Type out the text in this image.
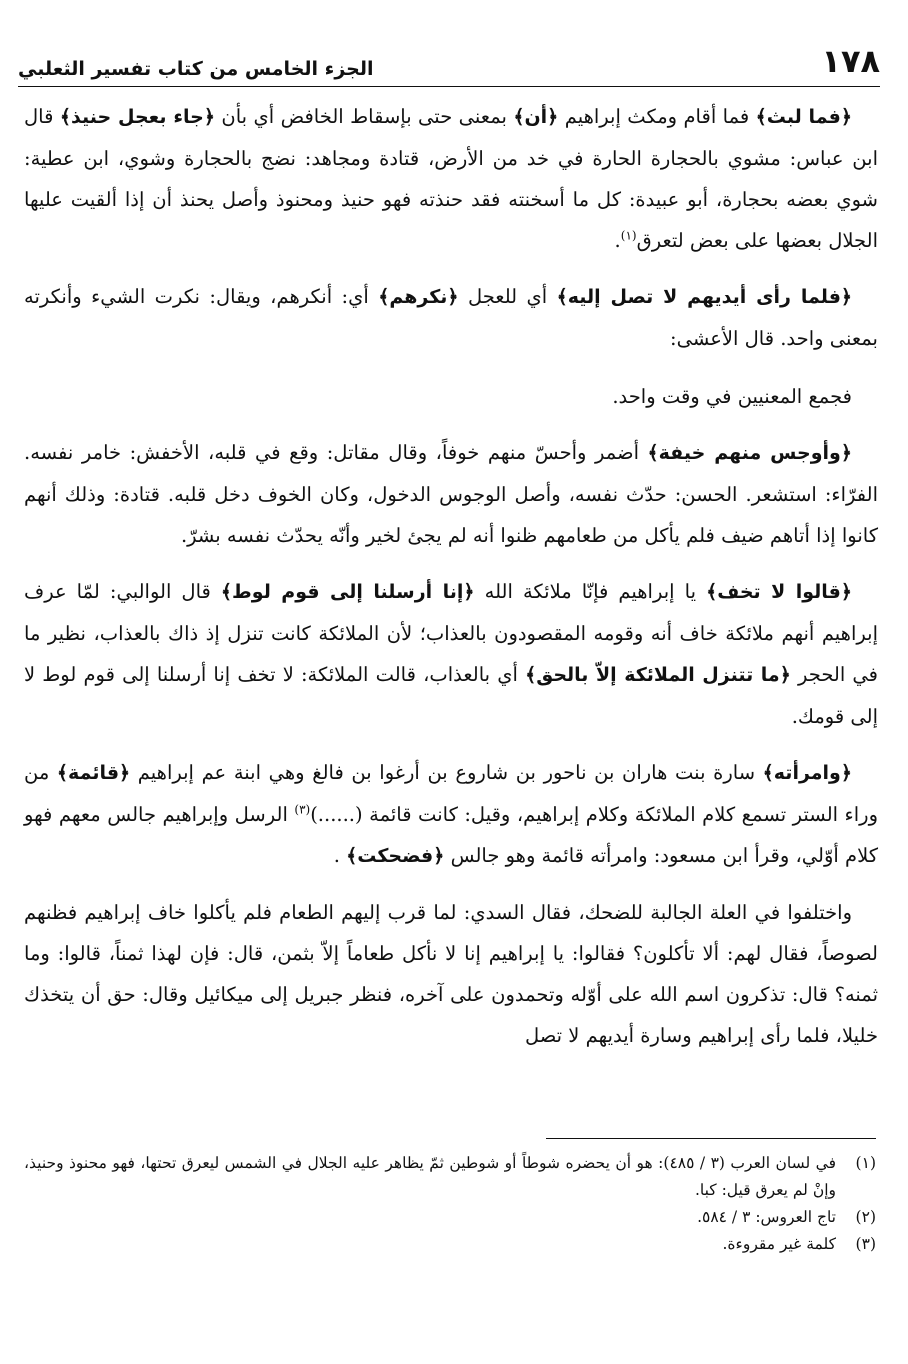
١٧٨
الجزء الخامس من كتاب تفسير الثعلبي

﴿فما لبث﴾ فما أقام ومكث إبراهيم ﴿أن﴾ بمعنى حتى بإسقاط الخافض أي بأن ﴿جاء بعجل حنيذ﴾ قال ابن عباس: مشوي بالحجارة الحارة في خد من الأرض، قتادة ومجاهد: نضج بالحجارة وشوي، ابن عطية: شوي بعضه بحجارة، أبو عبيدة: كل ما أسخنته فقد حنذته فهو حنيذ ومحنوذ وأصل يحنذ أن إذا ألقيت عليها الجلال بعضها على بعض لتعرق$^{(١)}$.

﴿فلما رأى أيديهم لا تصل إليه﴾ أي للعجل ﴿نكرهم﴾ أي: أنكرهم، ويقال: نكرت الشيء وأنكرته بمعنى واحد. قال الأعشى:

فجمع المعنيين في وقت واحد.

﴿وأوجس منهم خيفة﴾ أضمر وأحسّ منهم خوفاً، وقال مقاتل: وقع في قلبه، الأخفش: خامر نفسه. الفرّاء: استشعر. الحسن: حدّث نفسه، وأصل الوجوس الدخول، وكان الخوف دخل قلبه. قتادة: وذلك أنهم كانوا إذا أتاهم ضيف فلم يأكل من طعامهم ظنوا أنه لم يجئ لخير وأنّه يحدّث نفسه بشرّ.

﴿قالوا لا تخف﴾ يا إبراهيم فإنّا ملائكة الله ﴿إنا أرسلنا إلى قوم لوط﴾ قال الوالبي: لمّا عرف إبراهيم أنهم ملائكة خاف أنه وقومه المقصودون بالعذاب؛ لأن الملائكة كانت تنزل إذ ذاك بالعذاب، نظير ما في الحجر ﴿ما تتنزل الملائكة إلاّ بالحق﴾ أي بالعذاب، قالت الملائكة: لا تخف إنا أرسلنا إلى قوم لوط لا إلى قومك.

﴿وامرأته﴾ سارة بنت هاران بن ناحور بن شاروع بن أرغوا بن فالغ وهي ابنة عم إبراهيم ﴿قائمة﴾ من وراء الستر تسمع كلام الملائكة وكلام إبراهيم، وقيل: كانت قائمة (......)$^{(٣)}$ الرسل وإبراهيم جالس معهم فهو كلام أوّلي، وقرأ ابن مسعود: وامرأته قائمة وهو جالس ﴿فضحكت﴾ .

واختلفوا في العلة الجالبة للضحك، فقال السدي: لما قرب إليهم الطعام فلم يأكلوا خاف إبراهيم فظنهم لصوصاً، فقال لهم: ألا تأكلون؟ فقالوا: يا إبراهيم إنا لا نأكل طعاماً إلاّ بثمن، قال: فإن لهذا ثمناً، قالوا: وما ثمنه؟ قال: تذكرون اسم الله على أوّله وتحمدون على آخره، فنظر جبريل إلى ميكائيل وقال: حق أن يتخذك خليلا، فلما رأى إبراهيم وسارة أيديهم لا تصل

(١)
في لسان العرب (٣ / ٤٨٥): هو أن يحضره شوطاً أو شوطين ثمّ يظاهر عليه الجلال في الشمس ليعرق تحتها، فهو محنوذ وحنيذ، وإنْ لم يعرق قيل: كبا.
(٢)
تاج العروس: ٣ / ٥٨٤.
(٣)
كلمة غير مقروءة.
